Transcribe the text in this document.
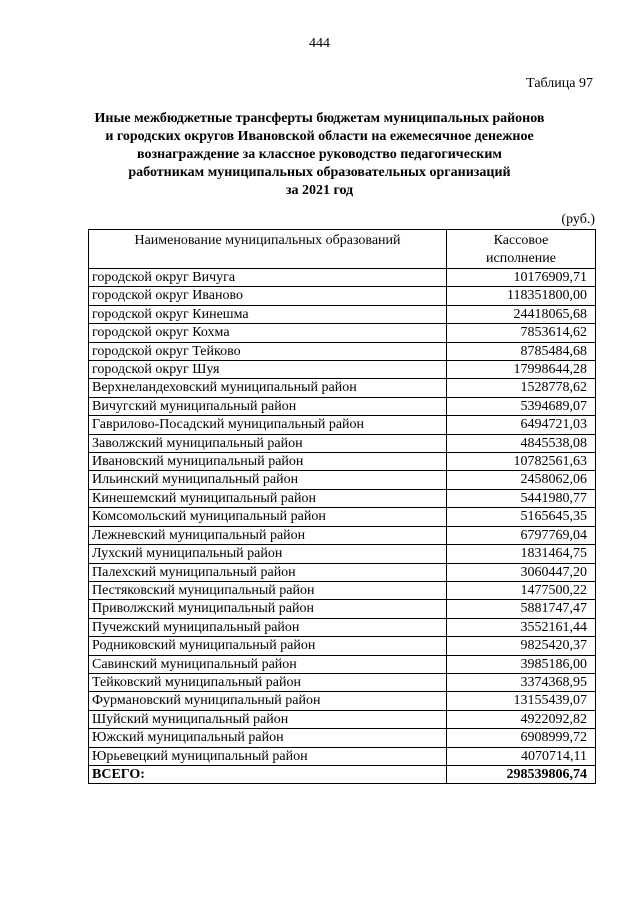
444
Таблица 97
Иные межбюджетные трансферты бюджетам муниципальных районов
и городских округов Ивановской области на ежемесячное денежное
вознаграждение за классное руководство педагогическим
работникам муниципальных образовательных организаций
за 2021 год
(руб.)
Наименование муниципальных образований	Кассовое
исполнение

городской округ Вичуга	10176909,71
городской округ Иваново	118351800,00
городской округ Кинешма	24418065,68
городской округ Кохма	7853614,62
городской округ Тейково	8785484,68
городской округ Шуя	17998644,28
Верхнеландеховский муниципальный район	1528778,62
Вичугский муниципальный район	5394689,07
Гаврилово-Посадский муниципальный район	6494721,03
Заволжский муниципальный район	4845538,08
Ивановский муниципальный район	10782561,63
Ильинский муниципальный район	2458062,06
Кинешемский муниципальный район	5441980,77
Комсомольский муниципальный район	5165645,35
Лежневский муниципальный район	6797769,04
Лухский муниципальный район	1831464,75
Палехский муниципальный район	3060447,20
Пестяковский муниципальный район	1477500,22
Приволжский муниципальный район	5881747,47
Пучежский муниципальный район	3552161,44
Родниковский муниципальный район	9825420,37
Савинский муниципальный район	3985186,00
Тейковский муниципальный район	3374368,95
Фурмановский муниципальный район	13155439,07
Шуйский муниципальный район	4922092,82
Южский муниципальный район	6908999,72
Юрьевецкий муниципальный район	4070714,11
ВСЕГО:	298539806,74
